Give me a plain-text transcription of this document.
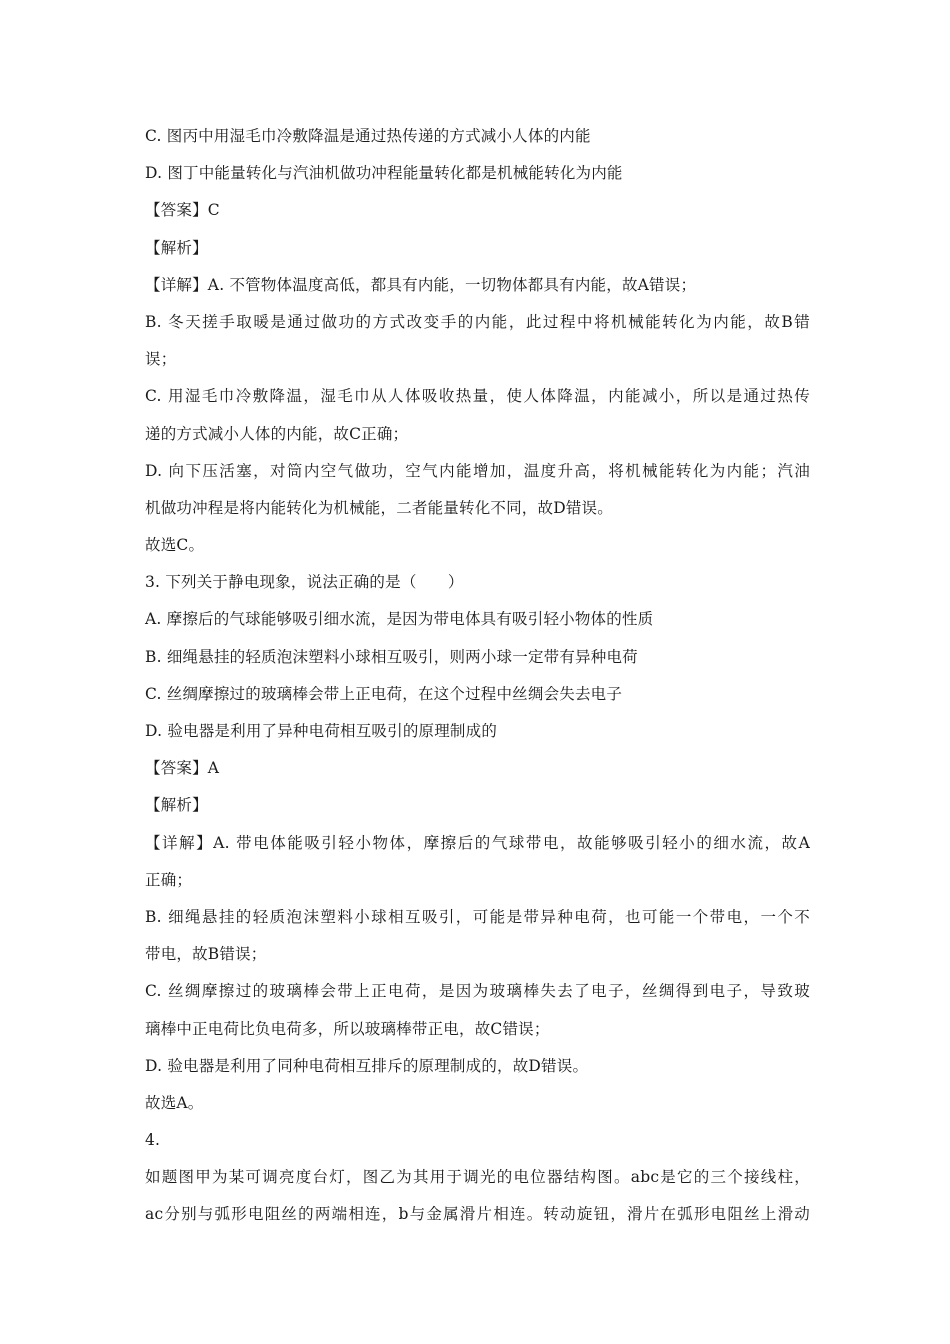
C. 图丙中用湿毛巾冷敷降温是通过热传递的方式减小人体的内能
D. 图丁中能量转化与汽油机做功冲程能量转化都是机械能转化为内能
【答案】C
【解析】
【详解】A. 不管物体温度高低，都具有内能，一切物体都具有内能，故A错误；
B. 冬天搓手取暖是通过做功的方式改变手的内能，此过程中将机械能转化为内能，故B错
误；
C. 用湿毛巾冷敷降温，湿毛巾从人体吸收热量，使人体降温，内能减小，所以是通过热传
递的方式减小人体的内能，故C正确；
D. 向下压活塞，对筒内空气做功，空气内能增加，温度升高，将机械能转化为内能；汽油
机做功冲程是将内能转化为机械能，二者能量转化不同，故D错误。
故选C。
3. 下列关于静电现象，说法正确的是（　　）
A. 摩擦后的气球能够吸引细水流，是因为带电体具有吸引轻小物体的性质
B. 细绳悬挂的轻质泡沫塑料小球相互吸引，则两小球一定带有异种电荷
C. 丝绸摩擦过的玻璃棒会带上正电荷，在这个过程中丝绸会失去电子
D. 验电器是利用了异种电荷相互吸引的原理制成的
【答案】A
【解析】
【详解】A. 带电体能吸引轻小物体，摩擦后的气球带电，故能够吸引轻小的细水流，故A
正确；
B. 细绳悬挂的轻质泡沫塑料小球相互吸引，可能是带异种电荷，也可能一个带电，一个不
带电，故B错误；
C. 丝绸摩擦过的玻璃棒会带上正电荷，是因为玻璃棒失去了电子，丝绸得到电子，导致玻
璃棒中正电荷比负电荷多，所以玻璃棒带正电，故C错误；
D. 验电器是利用了同种电荷相互排斥的原理制成的，故D错误。
故选A。
4.
如题图甲为某可调亮度台灯，图乙为其用于调光的电位器结构图。abc是它的三个接线柱，
ac分别与弧形电阻丝的两端相连，b与金属滑片相连。转动旋钮，滑片在弧形电阻丝上滑动
